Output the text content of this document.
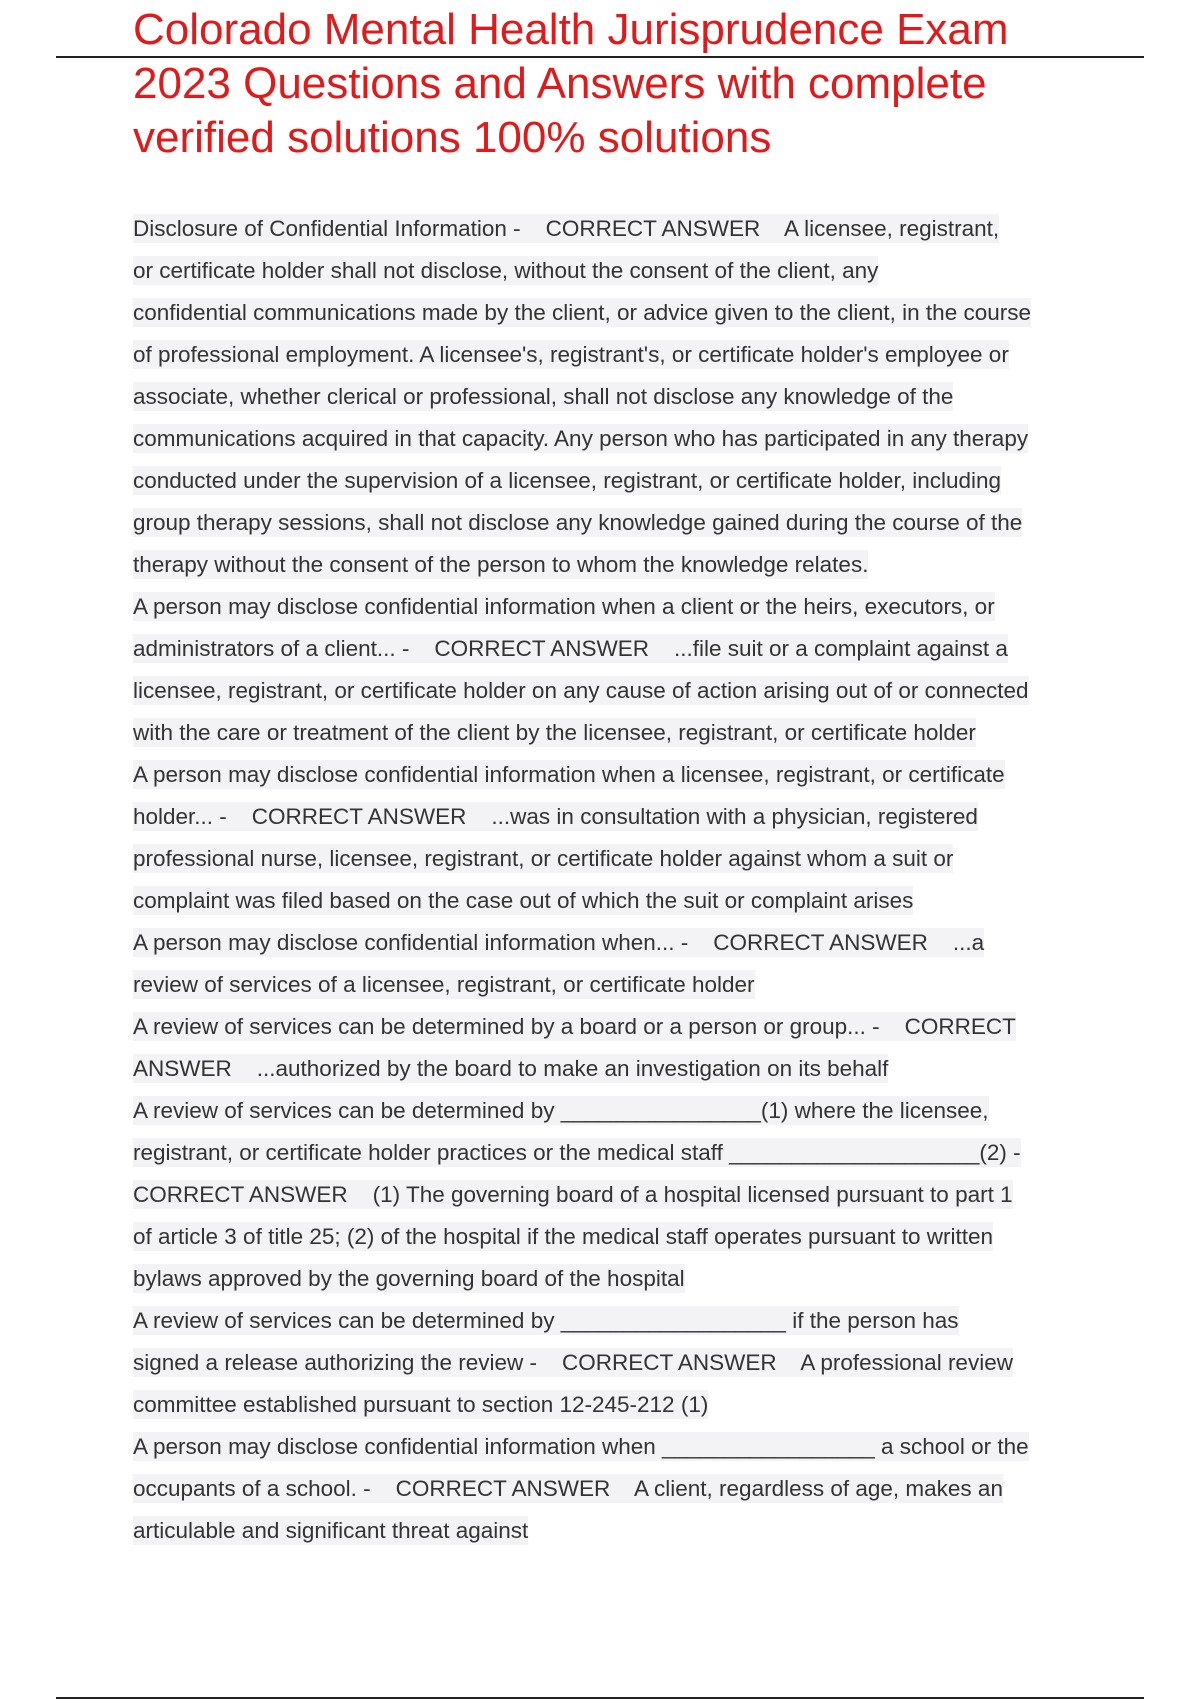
Colorado Mental Health Jurisprudence Exam
2023 Questions and Answers with complete
verified solutions 100% solutions
Disclosure of Confidential Information -    CORRECT ANSWER    A licensee, registrant,
or certificate holder shall not disclose, without the consent of the client, any
confidential communications made by the client, or advice given to the client, in the course
of professional employment. A licensee's, registrant's, or certificate holder's employee or
associate, whether clerical or professional, shall not disclose any knowledge of the
communications acquired in that capacity. Any person who has participated in any therapy
conducted under the supervision of a licensee, registrant, or certificate holder, including
group therapy sessions, shall not disclose any knowledge gained during the course of the
therapy without the consent of the person to whom the knowledge relates.
A person may disclose confidential information when a client or the heirs, executors, or
administrators of a client... -    CORRECT ANSWER    ...file suit or a complaint against a
licensee, registrant, or certificate holder on any cause of action arising out of or connected
with the care or treatment of the client by the licensee, registrant, or certificate holder
A person may disclose confidential information when a licensee, registrant, or certificate
holder... -    CORRECT ANSWER    ...was in consultation with a physician, registered
professional nurse, licensee, registrant, or certificate holder against whom a suit or
complaint was filed based on the case out of which the suit or complaint arises
A person may disclose confidential information when... -    CORRECT ANSWER    ...a
review of services of a licensee, registrant, or certificate holder
A review of services can be determined by a board or a person or group... -    CORRECT
ANSWER    ...authorized by the board to make an investigation on its behalf
A review of services can be determined by ________________(1) where the licensee,
registrant, or certificate holder practices or the medical staff ____________________(2) -
CORRECT ANSWER    (1) The governing board of a hospital licensed pursuant to part 1
of article 3 of title 25; (2) of the hospital if the medical staff operates pursuant to written
bylaws approved by the governing board of the hospital
A review of services can be determined by __________________ if the person has
signed a release authorizing the review -    CORRECT ANSWER    A professional review
committee established pursuant to section 12-245-212 (1)
A person may disclose confidential information when _________________ a school or the
occupants of a school. -    CORRECT ANSWER    A client, regardless of age, makes an
articulable and significant threat against
